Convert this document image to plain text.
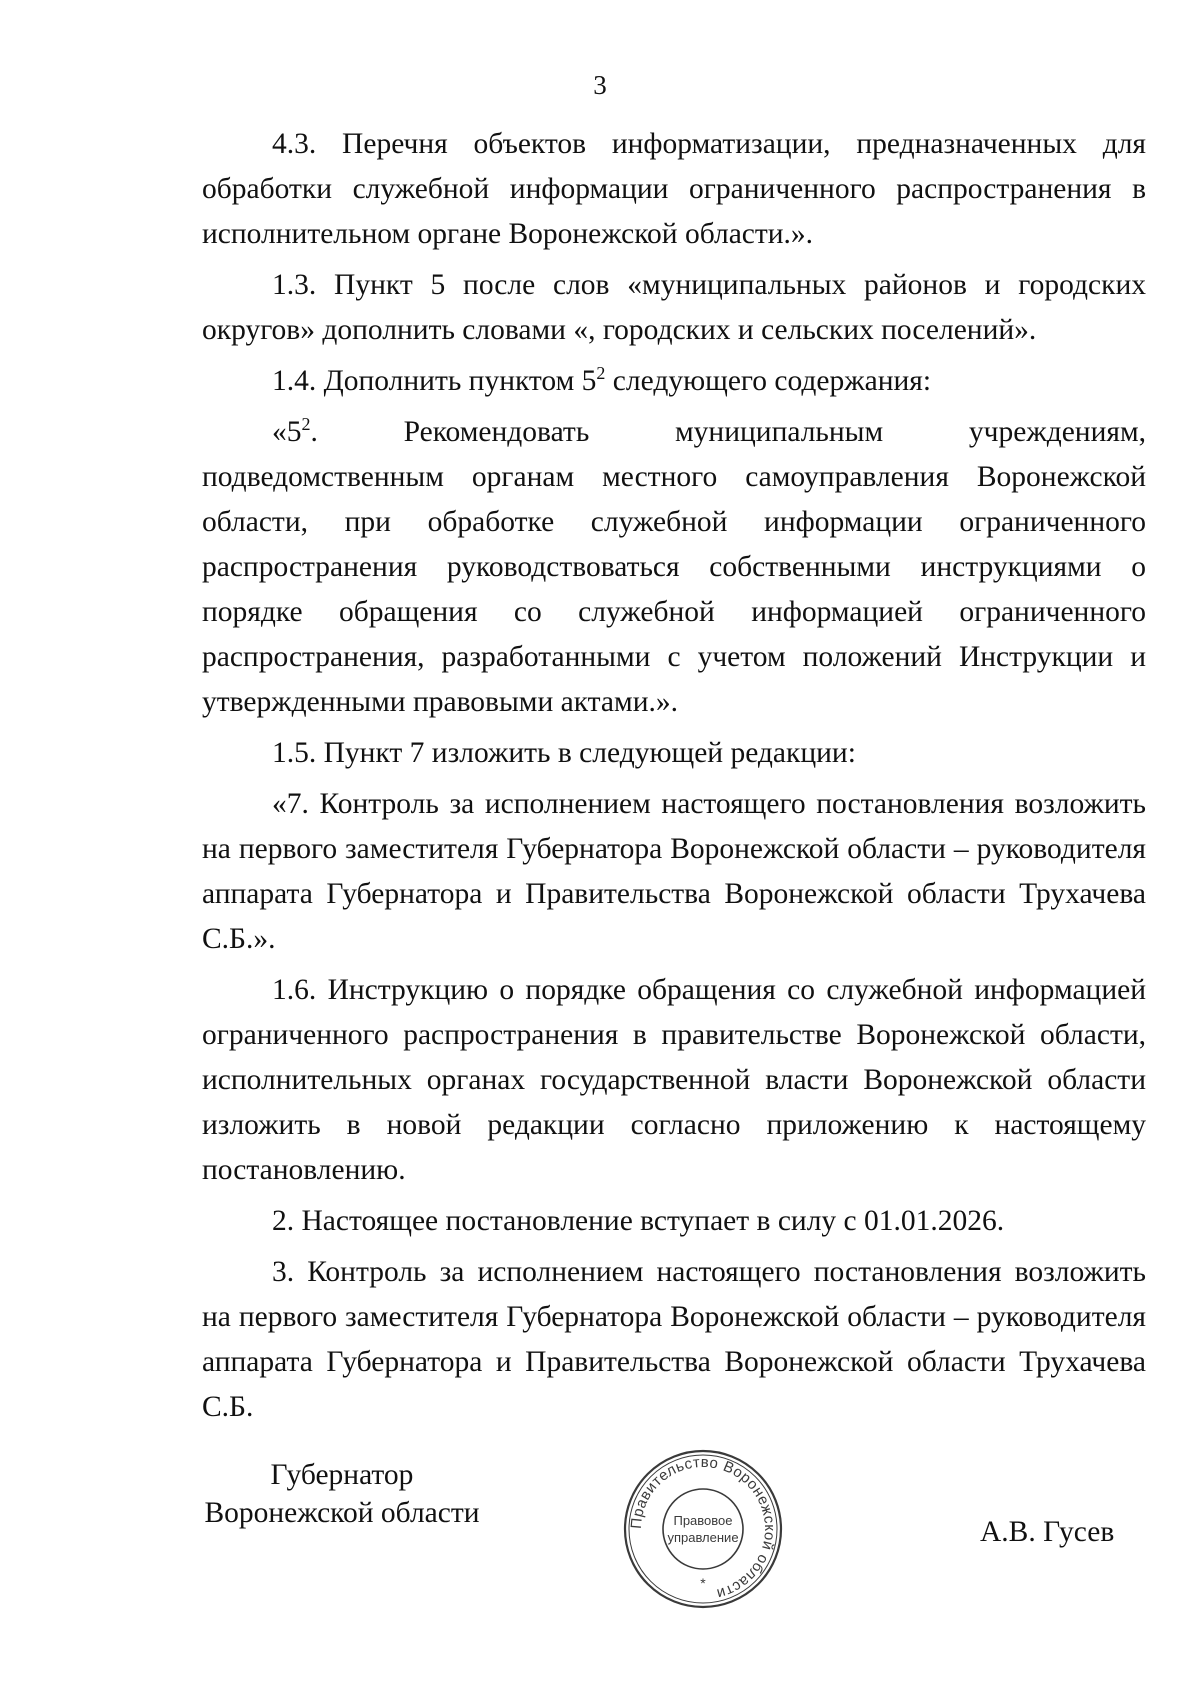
3

4.3. Перечня объектов информатизации, предназначенных для обработки служебной информации ограниченного распространения в исполнительном органе Воронежской области.».

1.3. Пункт 5 после слов «муниципальных районов и городских округов» дополнить словами «, городских и сельских поселений».

1.4. Дополнить пунктом $5^2$ следующего содержания:

«$5^2$. Рекомендовать муниципальным учреждениям, подведомственным органам местного самоуправления Воронежской области, при обработке служебной информации ограниченного распространения руководствоваться собственными инструкциями о порядке обращения со служебной информацией ограниченного распространения, разработанными с учетом положений Инструкции и утвержденными правовыми актами.».

1.5. Пункт 7 изложить в следующей редакции:

«7. Контроль за исполнением настоящего постановления возложить на первого заместителя Губернатора Воронежской области – руководителя аппарата Губернатора и Правительства Воронежской области Трухачева С.Б.».

1.6. Инструкцию о порядке обращения со служебной информацией ограниченного распространения в правительстве Воронежской области, исполнительных органах государственной власти Воронежской области изложить в новой редакции согласно приложению к настоящему постановлению.

2. Настоящее постановление вступает в силу с 01.01.2026.

3. Контроль за исполнением настоящего постановления возложить на первого заместителя Губернатора Воронежской области – руководителя аппарата Губернатора и Правительства Воронежской области Трухачева С.Б.

Губернатор
Воронежской области	Правительство Воронежской области
Правовое
управление
*
А.В. Гусев
